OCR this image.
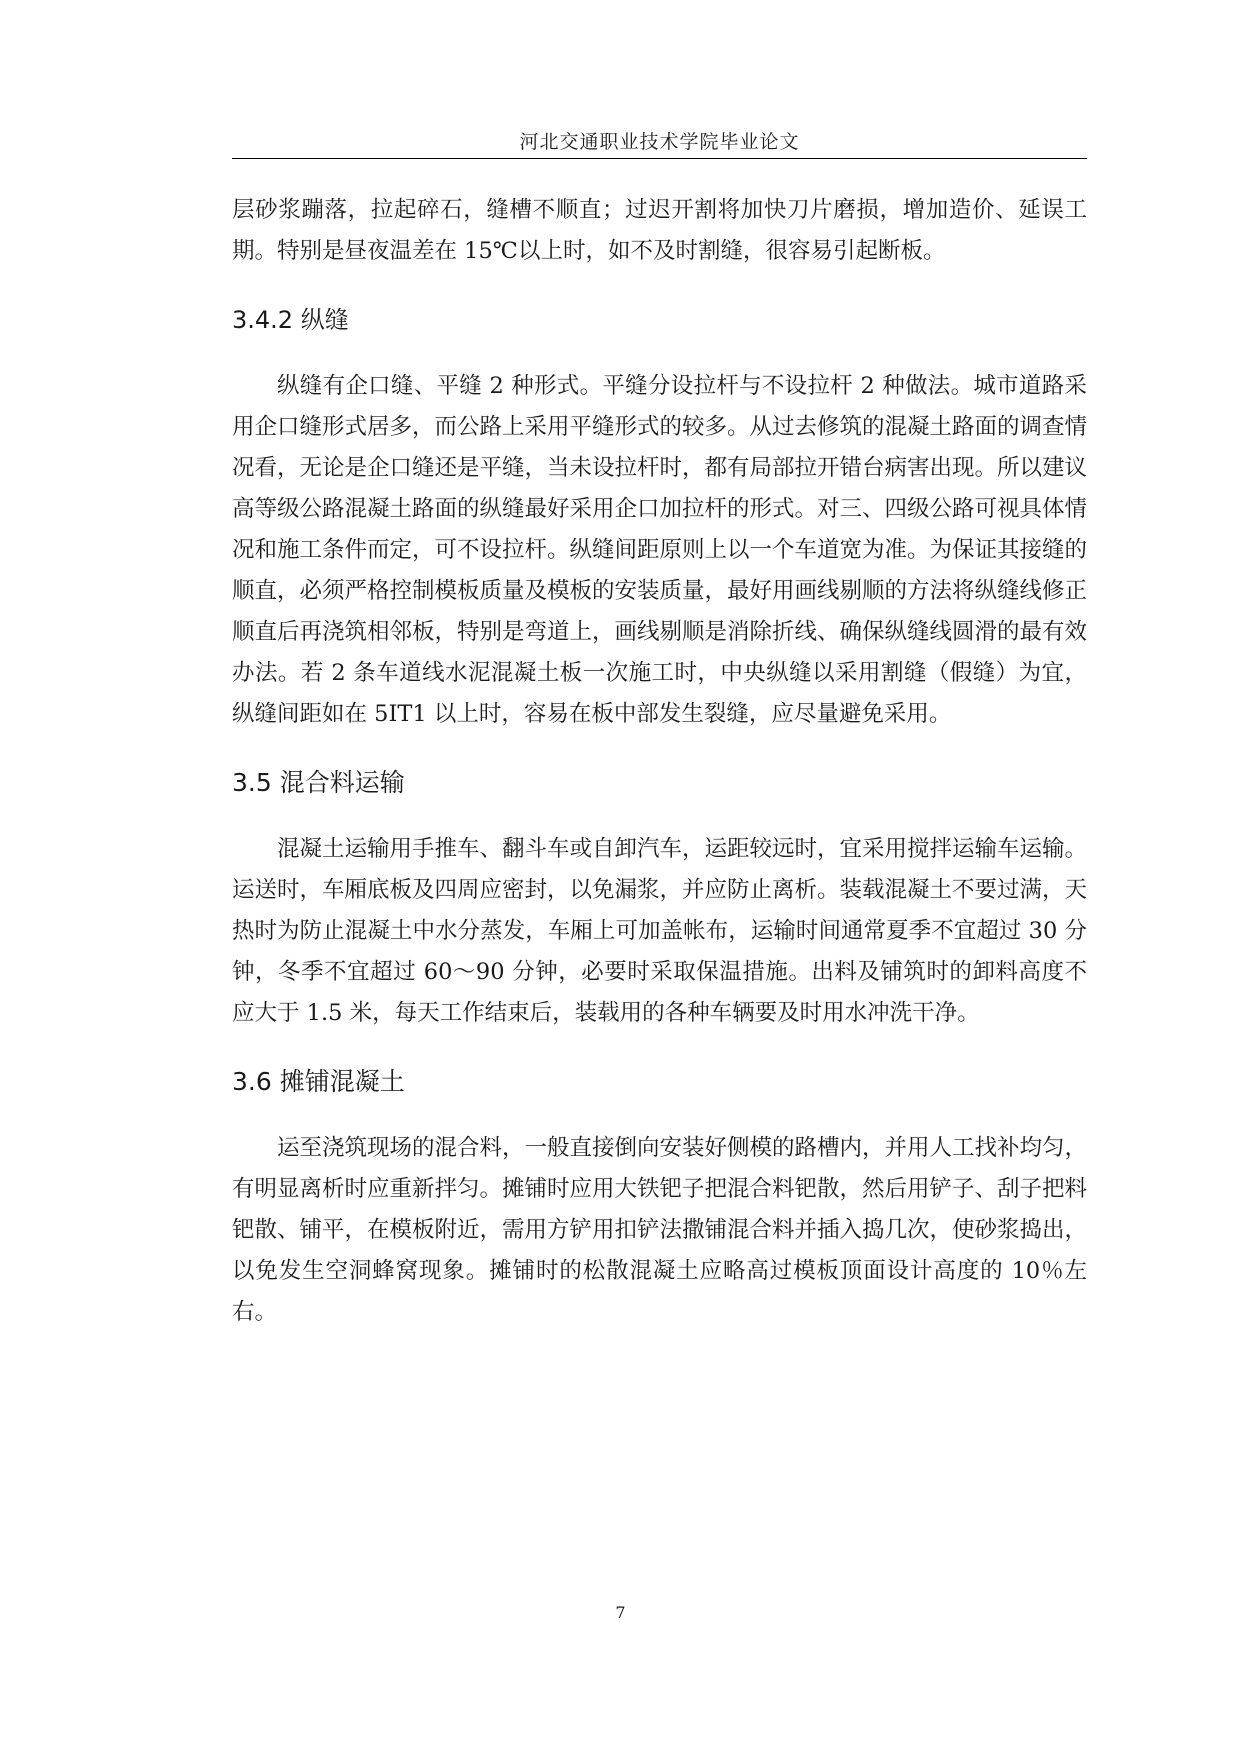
河北交通职业技术学院毕业论文

层砂浆蹦落，拉起碎石，缝槽不顺直；过迟开割将加快刀片磨损，增加造价、延误工期。特别是昼夜温差在 15℃以上时，如不及时割缝，很容易引起断板。

3.4.2 纵缝

纵缝有企口缝、平缝 2 种形式。平缝分设拉杆与不设拉杆 2 种做法。城市道路采用企口缝形式居多，而公路上采用平缝形式的较多。从过去修筑的混凝土路面的调查情况看，无论是企口缝还是平缝，当未设拉杆时，都有局部拉开错台病害出现。所以建议高等级公路混凝土路面的纵缝最好采用企口加拉杆的形式。对三、四级公路可视具体情况和施工条件而定，可不设拉杆。纵缝间距原则上以一个车道宽为准。为保证其接缝的顺直，必须严格控制模板质量及模板的安装质量，最好用画线剔顺的方法将纵缝线修正顺直后再浇筑相邻板，特别是弯道上，画线剔顺是消除折线、确保纵缝线圆滑的最有效办法。若 2 条车道线水泥混凝土板一次施工时，中央纵缝以采用割缝（假缝）为宜，纵缝间距如在 5IT1 以上时，容易在板中部发生裂缝，应尽量避免采用。

3.5 混合料运输

混凝土运输用手推车、翻斗车或自卸汽车，运距较远时，宜采用搅拌运输车运输。运送时，车厢底板及四周应密封，以免漏浆，并应防止离析。装载混凝土不要过满，天热时为防止混凝土中水分蒸发，车厢上可加盖帐布，运输时间通常夏季不宜超过 30 分钟，冬季不宜超过 60～90 分钟，必要时采取保温措施。出料及铺筑时的卸料高度不应大于 1.5 米，每天工作结束后，装载用的各种车辆要及时用水冲洗干净。

3.6 摊铺混凝土

运至浇筑现场的混合料，一般直接倒向安装好侧模的路槽内，并用人工找补均匀，有明显离析时应重新拌匀。摊铺时应用大铁钯子把混合料钯散，然后用铲子、刮子把料钯散、铺平，在模板附近，需用方铲用扣铲法撒铺混合料并插入捣几次，使砂浆捣出，以免发生空洞蜂窝现象。摊铺时的松散混凝土应略高过模板顶面设计高度的 10％左右。

7
